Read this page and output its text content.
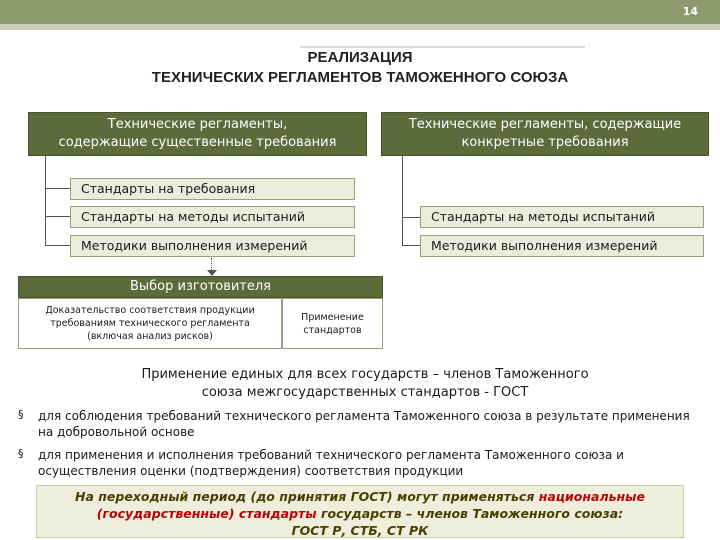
14
РЕАЛИЗАЦИЯ
ТЕХНИЧЕСКИХ РЕГЛАМЕНТОВ ТАМОЖЕННОГО СОЮЗА
Технические регламенты,
содержащие существенные требования
Технические регламенты, содержащие
конкретные требования
Стандарты на требования
Стандарты на методы испытаний
Методики выполнения измерений
Стандарты на методы испытаний
Методики выполнения измерений
Выбор изготовителя
Доказательство соответствия продукции
требованиям технического регламента
(включая анализ рисков)
Применение
стандартов
Применение единых для всех государств – членов Таможенного
союза межгосударственных стандартов - ГОСТ
§ для соблюдения требований технического регламента Таможенного союза в результате применения
на добровольной основе
§ для применения и исполнения требований технического регламента Таможенного союза и
осуществления оценки (подтверждения) соответствия продукции
На переходный период (до принятия ГОСТ) могут применяться национальные
(государственные) стандарты государств – членов Таможенного союза:
ГОСТ Р, СТБ, СТ РК
